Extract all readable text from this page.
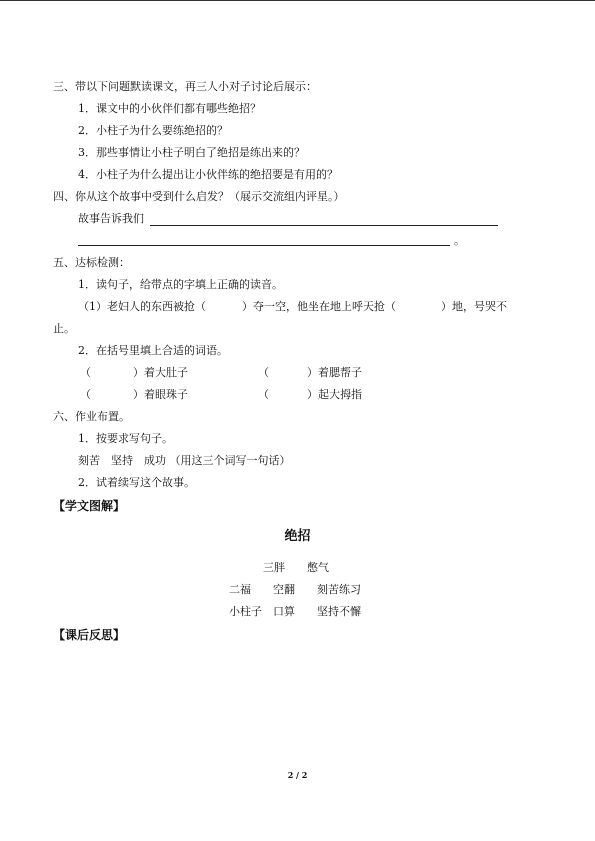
三、带以下问题默读课文，再三人小对子讨论后展示：
1．课文中的小伙伴们都有哪些绝招？
2．小柱子为什么要练绝招的？
3．那些事情让小柱子明白了绝招是练出来的？
4．小柱子为什么提出让小伙伴练的绝招要是有用的？
四、你从这个故事中受到什么启发？（展示交流组内评星。）
故事告诉我们
。
五、达标检测：
1．读句子，给带点的字填上正确的读音。
（1）老妇人的东西被抢（	）夺一空，他坐在地上呼天抢（	）地，号哭不
止。
2．在括号里填上合适的词语。
（	）着大肚子	（	）着腮帮子
（	）着眼珠子	（	）起大拇指
六、作业布置。
1．按要求写句子。
刻苦　坚持　成功 （用这三个词写一句话）
2．试着续写这个故事。
【学文图解】
绝招
三胖　　憋气
二福　　空翻　　刻苦练习
小柱子　口算　　坚持不懈
【课后反思】
2 / 2
